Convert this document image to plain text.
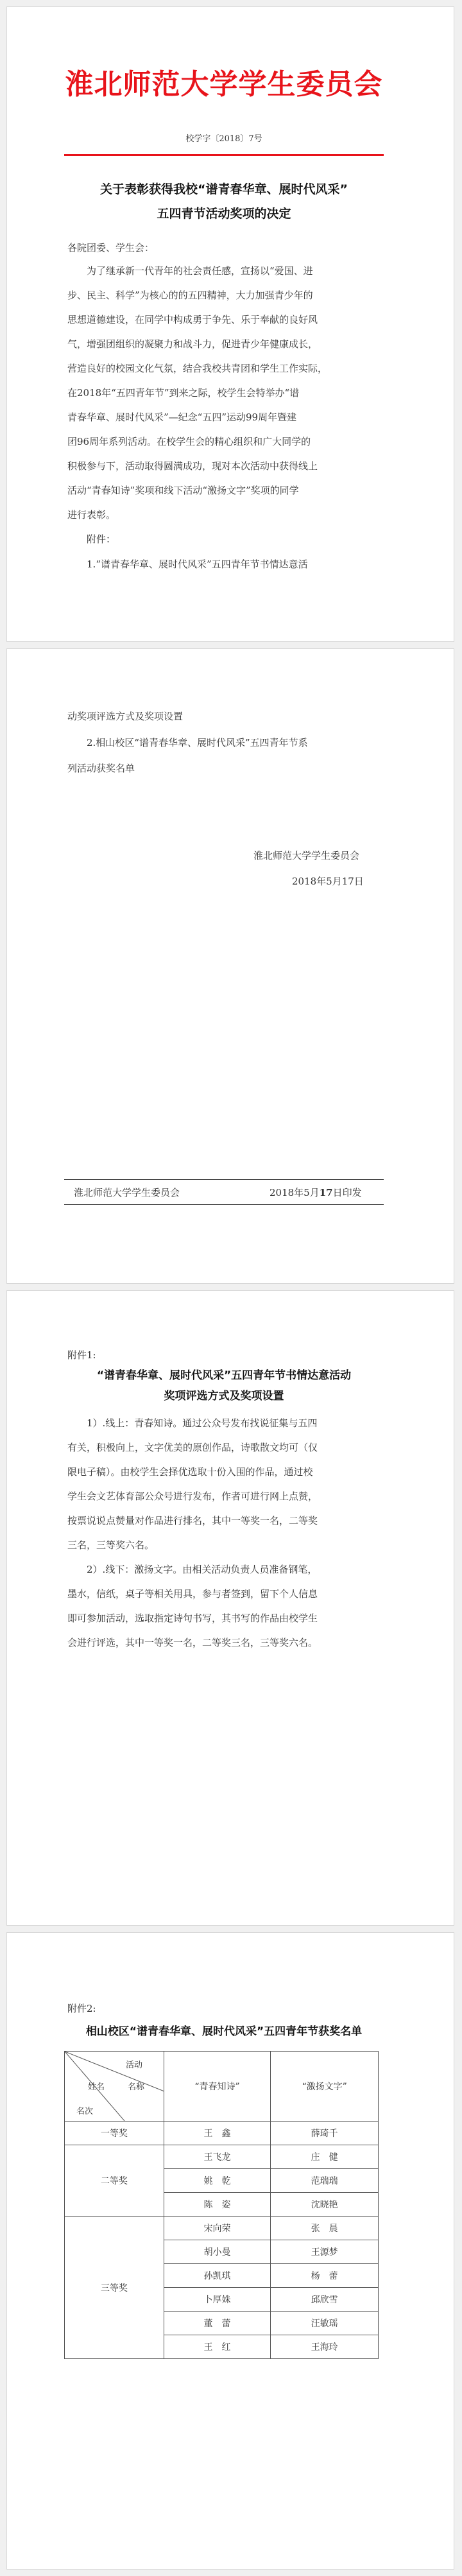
淮北师范大学学生委员会
校学字〔2018〕7号
关于表彰获得我校“谱青春华章、展时代风采”
五四青节活动奖项的决定
各院团委、学生会：
为了继承新一代青年的社会责任感，宣扬以“爱国、进
步、民主、科学”为核心的的五四精神，大力加强青少年的
思想道德建设，在同学中构成勇于争先、乐于奉献的良好风
气，增强团组织的凝聚力和战斗力，促进青少年健康成长，
营造良好的校园文化气氛，结合我校共青团和学生工作实际，
在2018年“五四青年节”到来之际，校学生会特举办“谱
青春华章、展时代风采”—纪念“五四”运动99周年暨建
团96周年系列活动。在校学生会的精心组织和广大同学的
积极参与下，活动取得圆满成功，现对本次活动中获得线上
活动“青春知诗”奖项和线下活动“激扬文字”奖项的同学
进行表彰。
附件：
1.“谱青春华章、展时代风采”五四青年节书情达意活
动奖项评选方式及奖项设置
2.相山校区“谱青春华章、展时代风采”五四青年节系
列活动获奖名单
淮北师范大学学生委员会
2018年5月17日
淮北师范大学学生委员会	2018年5月17日印发
附件1:
“谱青春华章、展时代风采”五四青年节书情达意活动
奖项评选方式及奖项设置
1）.线上：青春知诗。通过公众号发布找说征集与五四
有关，积极向上，文字优美的原创作品，诗歌散文均可（仅
限电子稿）。由校学生会择优选取十份入围的作品，通过校
学生会文艺体育部公众号进行发布，作者可进行网上点赞，
按票说说点赞量对作品进行排名，其中一等奖一名，二等奖
三名，三等奖六名。
2）.线下：激扬文字。由相关活动负责人员准备钢笔，
墨水，信纸，桌子等相关用具，参与者签到，留下个人信息
即可参加活动，选取指定诗句书写，其书写的作品由校学生
会进行评选，其中一等奖一名，二等奖三名，三等奖六名。
附件2:
相山校区“谱青春华章、展时代风采”五四青年节获奖名单
活动
姓名 名称
名次	“青春知诗”	“激扬文字”
一等奖	王　鑫	薛琦千
二等奖	王飞龙	庄　健
	姚　乾	范瑞瑞
	陈　姿	沈晓艳
三等奖	宋向荣	张　晨
	胡小曼	王源梦
	孙凯琪	杨　蕾
	卜厚姝	邱欣雪
	董　蕾	汪敏瑶
	王　红	王海玲
